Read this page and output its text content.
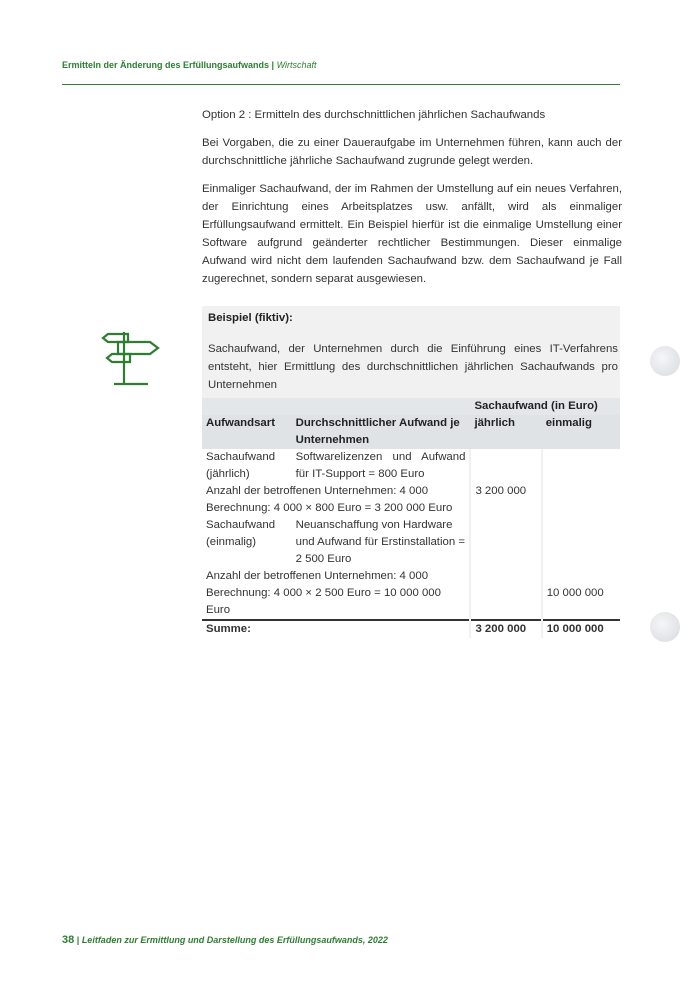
Ermitteln der Änderung des Erfüllungsaufwands | Wirtschaft

Option 2 : Ermitteln des durchschnittlichen jährlichen Sachaufwands

Bei Vorgaben, die zu einer Daueraufgabe im Unternehmen führen, kann auch der durchschnittliche jährliche Sachaufwand zugrunde gelegt werden.

Einmaliger Sachaufwand, der im Rahmen der Umstellung auf ein neues Verfahren, der Einrichtung eines Arbeitsplatzes usw. anfällt, wird als einmaliger Erfüllungsaufwand ermittelt. Ein Beispiel hierfür ist die einmalige Umstellung einer Software aufgrund geänderter rechtlicher Bestimmungen. Dieser einmalige Aufwand wird nicht dem laufenden Sachaufwand bzw. dem Sachaufwand je Fall zugerechnet, sondern separat ausgewiesen.

Beispiel (fiktiv):
Sachaufwand, der Unternehmen durch die Einführung eines IT-Verfahrens entsteht, hier Ermittlung des durchschnittlichen jährlichen Sachaufwands pro Unternehmen
		Sachaufwand (in Euro)	
Aufwandsart	Durchschnittlicher Aufwand je Unternehmen	jährlich	einmalig
Sachaufwand (jährlich)	Softwarelizenzen und Aufwand für IT-Support = 800 Euro		
Anzahl der betroffenen Unternehmen: 4 000		3 200 000	
Berechnung: 4 000 × 800 Euro = 3 200 000 Euro			
Sachaufwand (einmalig)	Neuanschaffung von Hardware und Aufwand für Erstinstallation = 2 500 Euro		
Anzahl der betroffenen Unternehmen: 4 000			
Berechnung: 4 000 × 2 500 Euro = 10 000 000 Euro			10 000 000
Summe:		3 200 000	10 000 000
38 | Leitfaden zur Ermittlung und Darstellung des Erfüllungsaufwands, 2022
